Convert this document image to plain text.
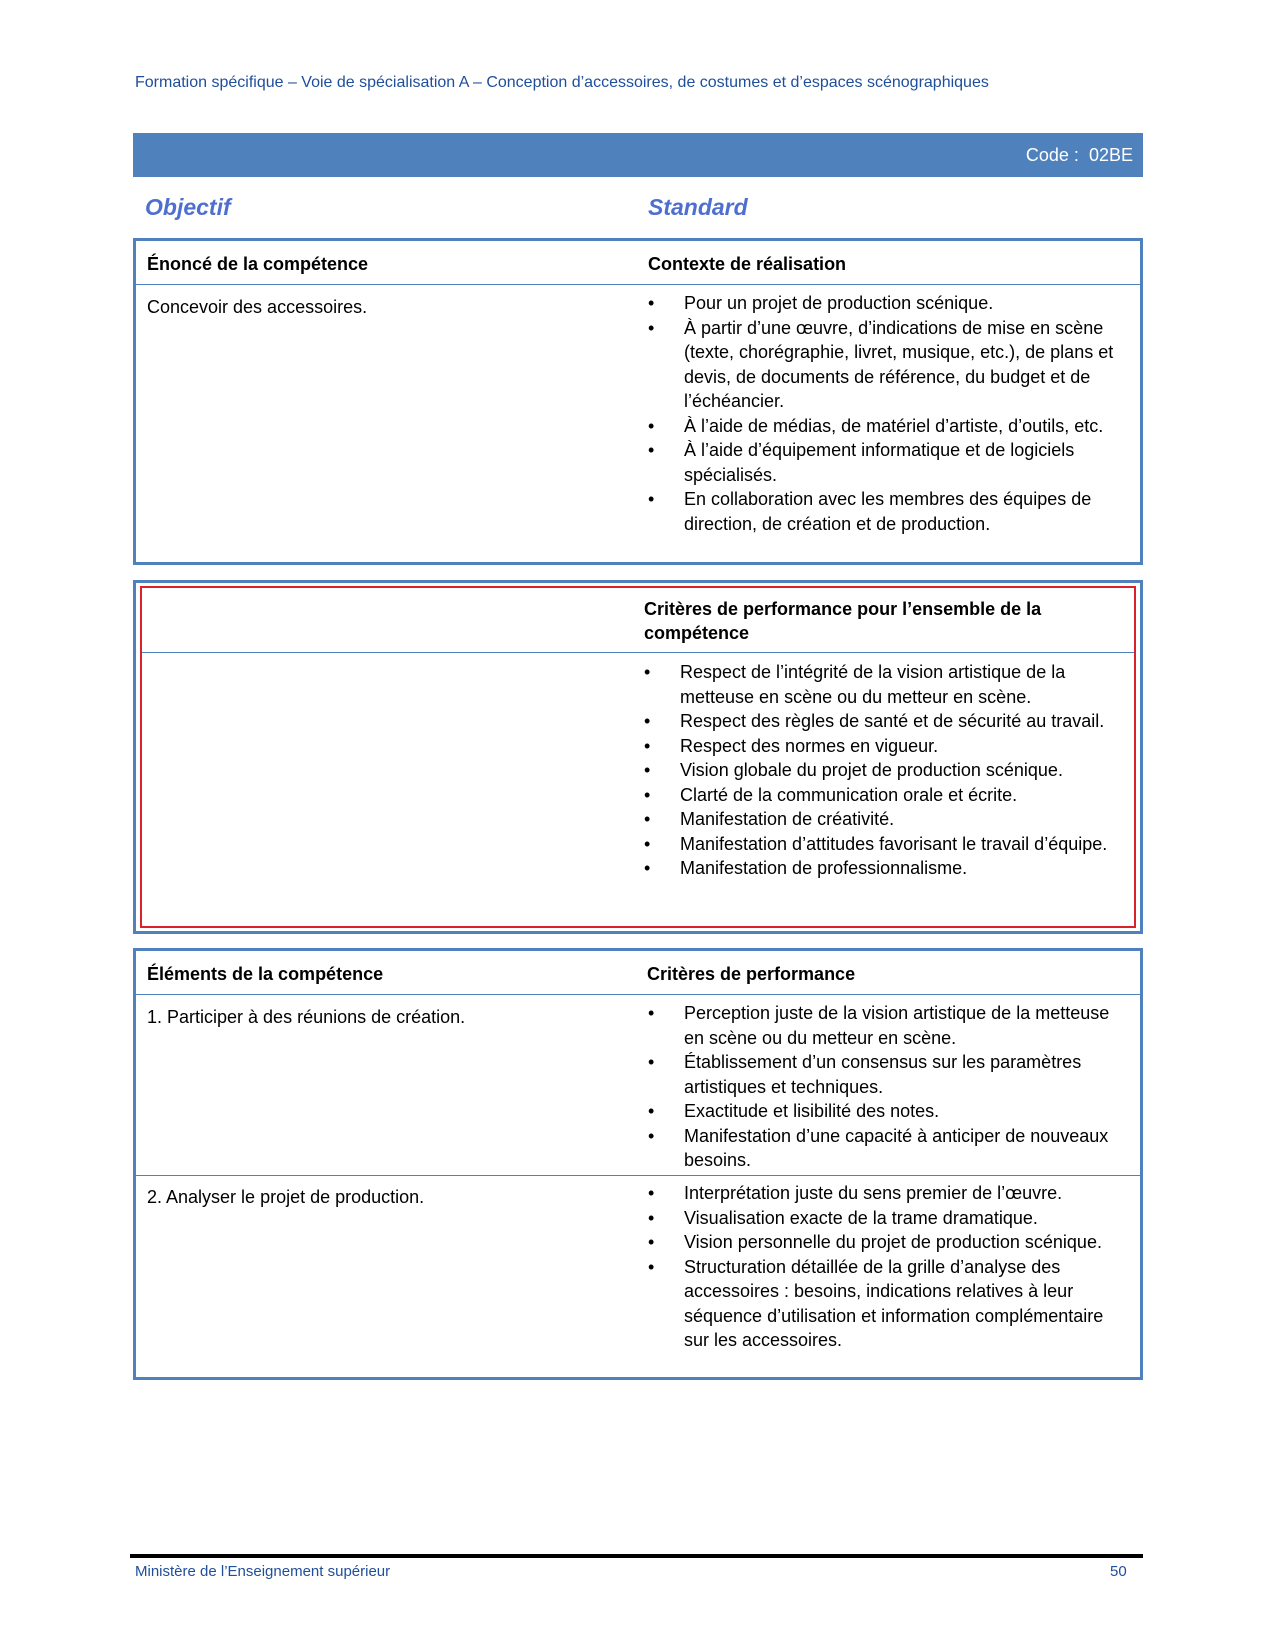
Formation spécifique – Voie de spécialisation A – Conception d’accessoires, de costumes et d’espaces scénographiques
Code : 02BE
Objectif	Standard
Énoncé de la compétence	Contexte de réalisation
Concevoir des accessoires.	• Pour un projet de production scénique.
• À partir d’une œuvre, d’indications de mise en scène (texte, chorégraphie, livret, musique, etc.), de plans et devis, de documents de référence, du budget et de l’échéancier.
• À l’aide de médias, de matériel d’artiste, d’outils, etc.
• À l’aide d’équipement informatique et de logiciels spécialisés.
• En collaboration avec les membres des équipes de direction, de création et de production.
Critères de performance pour l’ensemble de la compétence
• Respect de l’intégrité de la vision artistique de la metteuse en scène ou du metteur en scène.
• Respect des règles de santé et de sécurité au travail.
• Respect des normes en vigueur.
• Vision globale du projet de production scénique.
• Clarté de la communication orale et écrite.
• Manifestation de créativité.
• Manifestation d’attitudes favorisant le travail d’équipe.
• Manifestation de professionnalisme.
Éléments de la compétence	Critères de performance
1. Participer à des réunions de création.	• Perception juste de la vision artistique de la metteuse en scène ou du metteur en scène.
• Établissement d’un consensus sur les paramètres artistiques et techniques.
• Exactitude et lisibilité des notes.
• Manifestation d’une capacité à anticiper de nouveaux besoins.
2. Analyser le projet de production.	• Interprétation juste du sens premier de l’œuvre.
• Visualisation exacte de la trame dramatique.
• Vision personnelle du projet de production scénique.
• Structuration détaillée de la grille d’analyse des accessoires : besoins, indications relatives à leur séquence d’utilisation et information complémentaire sur les accessoires.
Ministère de l’Enseignement supérieur	50
